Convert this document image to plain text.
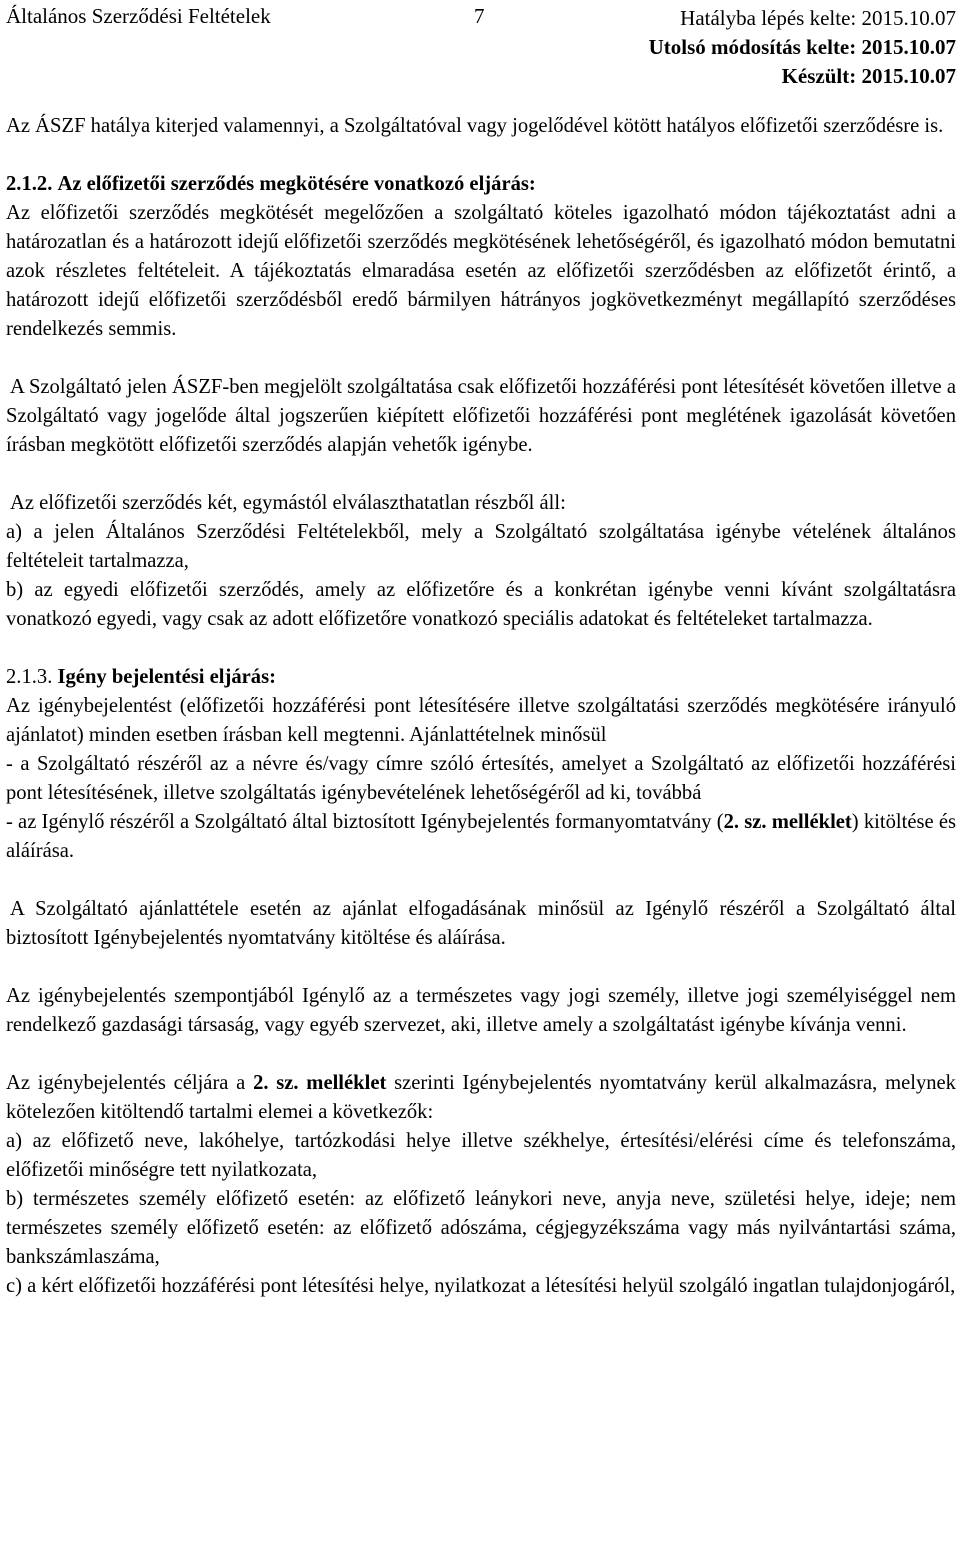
Általános Szerződési Feltételek	7	Hatályba lépés kelte: 2015.10.07
Utolsó módosítás kelte: 2015.10.07
Készült: 2015.10.07

Az ÁSZF hatálya kiterjed valamennyi, a Szolgáltatóval vagy jogelődével kötött hatályos előfizetői szerződésre is.

2.1.2. Az előfizetői szerződés megkötésére vonatkozó eljárás:

Az előfizetői szerződés megkötését megelőzően a szolgáltató köteles igazolható módon tájékoztatást adni a határozatlan és a határozott idejű előfizetői szerződés megkötésének lehetőségéről, és igazolható módon bemutatni azok részletes feltételeit. A tájékoztatás elmaradása esetén az előfizetői szerződésben az előfizetőt érintő, a határozott idejű előfizetői szerződésből eredő bármilyen hátrányos jogkövetkezményt megállapító szerződéses rendelkezés semmis.

A Szolgáltató jelen ÁSZF-ben megjelölt szolgáltatása csak előfizetői hozzáférési pont létesítését követően illetve a Szolgáltató vagy jogelőde által jogszerűen kiépített előfizetői hozzáférési pont meglétének igazolását követően írásban megkötött előfizetői szerződés alapján vehetők igénybe.

Az előfizetői szerződés két, egymástól elválaszthatatlan részből áll:

a) a jelen Általános Szerződési Feltételekből, mely a Szolgáltató szolgáltatása igénybe vételének általános feltételeit tartalmazza,

b) az egyedi előfizetői szerződés, amely az előfizetőre és a konkrétan igénybe venni kívánt szolgáltatásra vonatkozó egyedi, vagy csak az adott előfizetőre vonatkozó speciális adatokat és feltételeket tartalmazza.

2.1.3. Igény bejelentési eljárás:

Az igénybejelentést (előfizetői hozzáférési pont létesítésére illetve szolgáltatási szerződés megkötésére irányuló ajánlatot) minden esetben írásban kell megtenni. Ajánlattételnek minősül

- a Szolgáltató részéről az a névre és/vagy címre szóló értesítés, amelyet a Szolgáltató az előfizetői hozzáférési pont létesítésének, illetve szolgáltatás igénybevételének lehetőségéről ad ki, továbbá

- az Igénylő részéről a Szolgáltató által biztosított Igénybejelentés formanyomtatvány (2. sz. melléklet) kitöltése és aláírása.

A Szolgáltató ajánlattétele esetén az ajánlat elfogadásának minősül az Igénylő részéről a Szolgáltató által biztosított Igénybejelentés nyomtatvány kitöltése és aláírása.

Az igénybejelentés szempontjából Igénylő az a természetes vagy jogi személy, illetve jogi személyiséggel nem rendelkező gazdasági társaság, vagy egyéb szervezet, aki, illetve amely a szolgáltatást igénybe kívánja venni.

Az igénybejelentés céljára a 2. sz. melléklet szerinti Igénybejelentés nyomtatvány kerül alkalmazásra, melynek kötelezően kitöltendő tartalmi elemei a következők:

a) az előfizető neve, lakóhelye, tartózkodási helye illetve székhelye, értesítési/elérési címe és telefonszáma, előfizetői minőségre tett nyilatkozata,

b) természetes személy előfizető esetén: az előfizető leánykori neve, anyja neve, születési helye, ideje; nem természetes személy előfizető esetén: az előfizető adószáma, cégjegyzékszáma vagy más nyilvántartási száma, bankszámlaszáma,

c) a kért előfizetői hozzáférési pont létesítési helye, nyilatkozat a létesítési helyül szolgáló ingatlan tulajdonjogáról,
